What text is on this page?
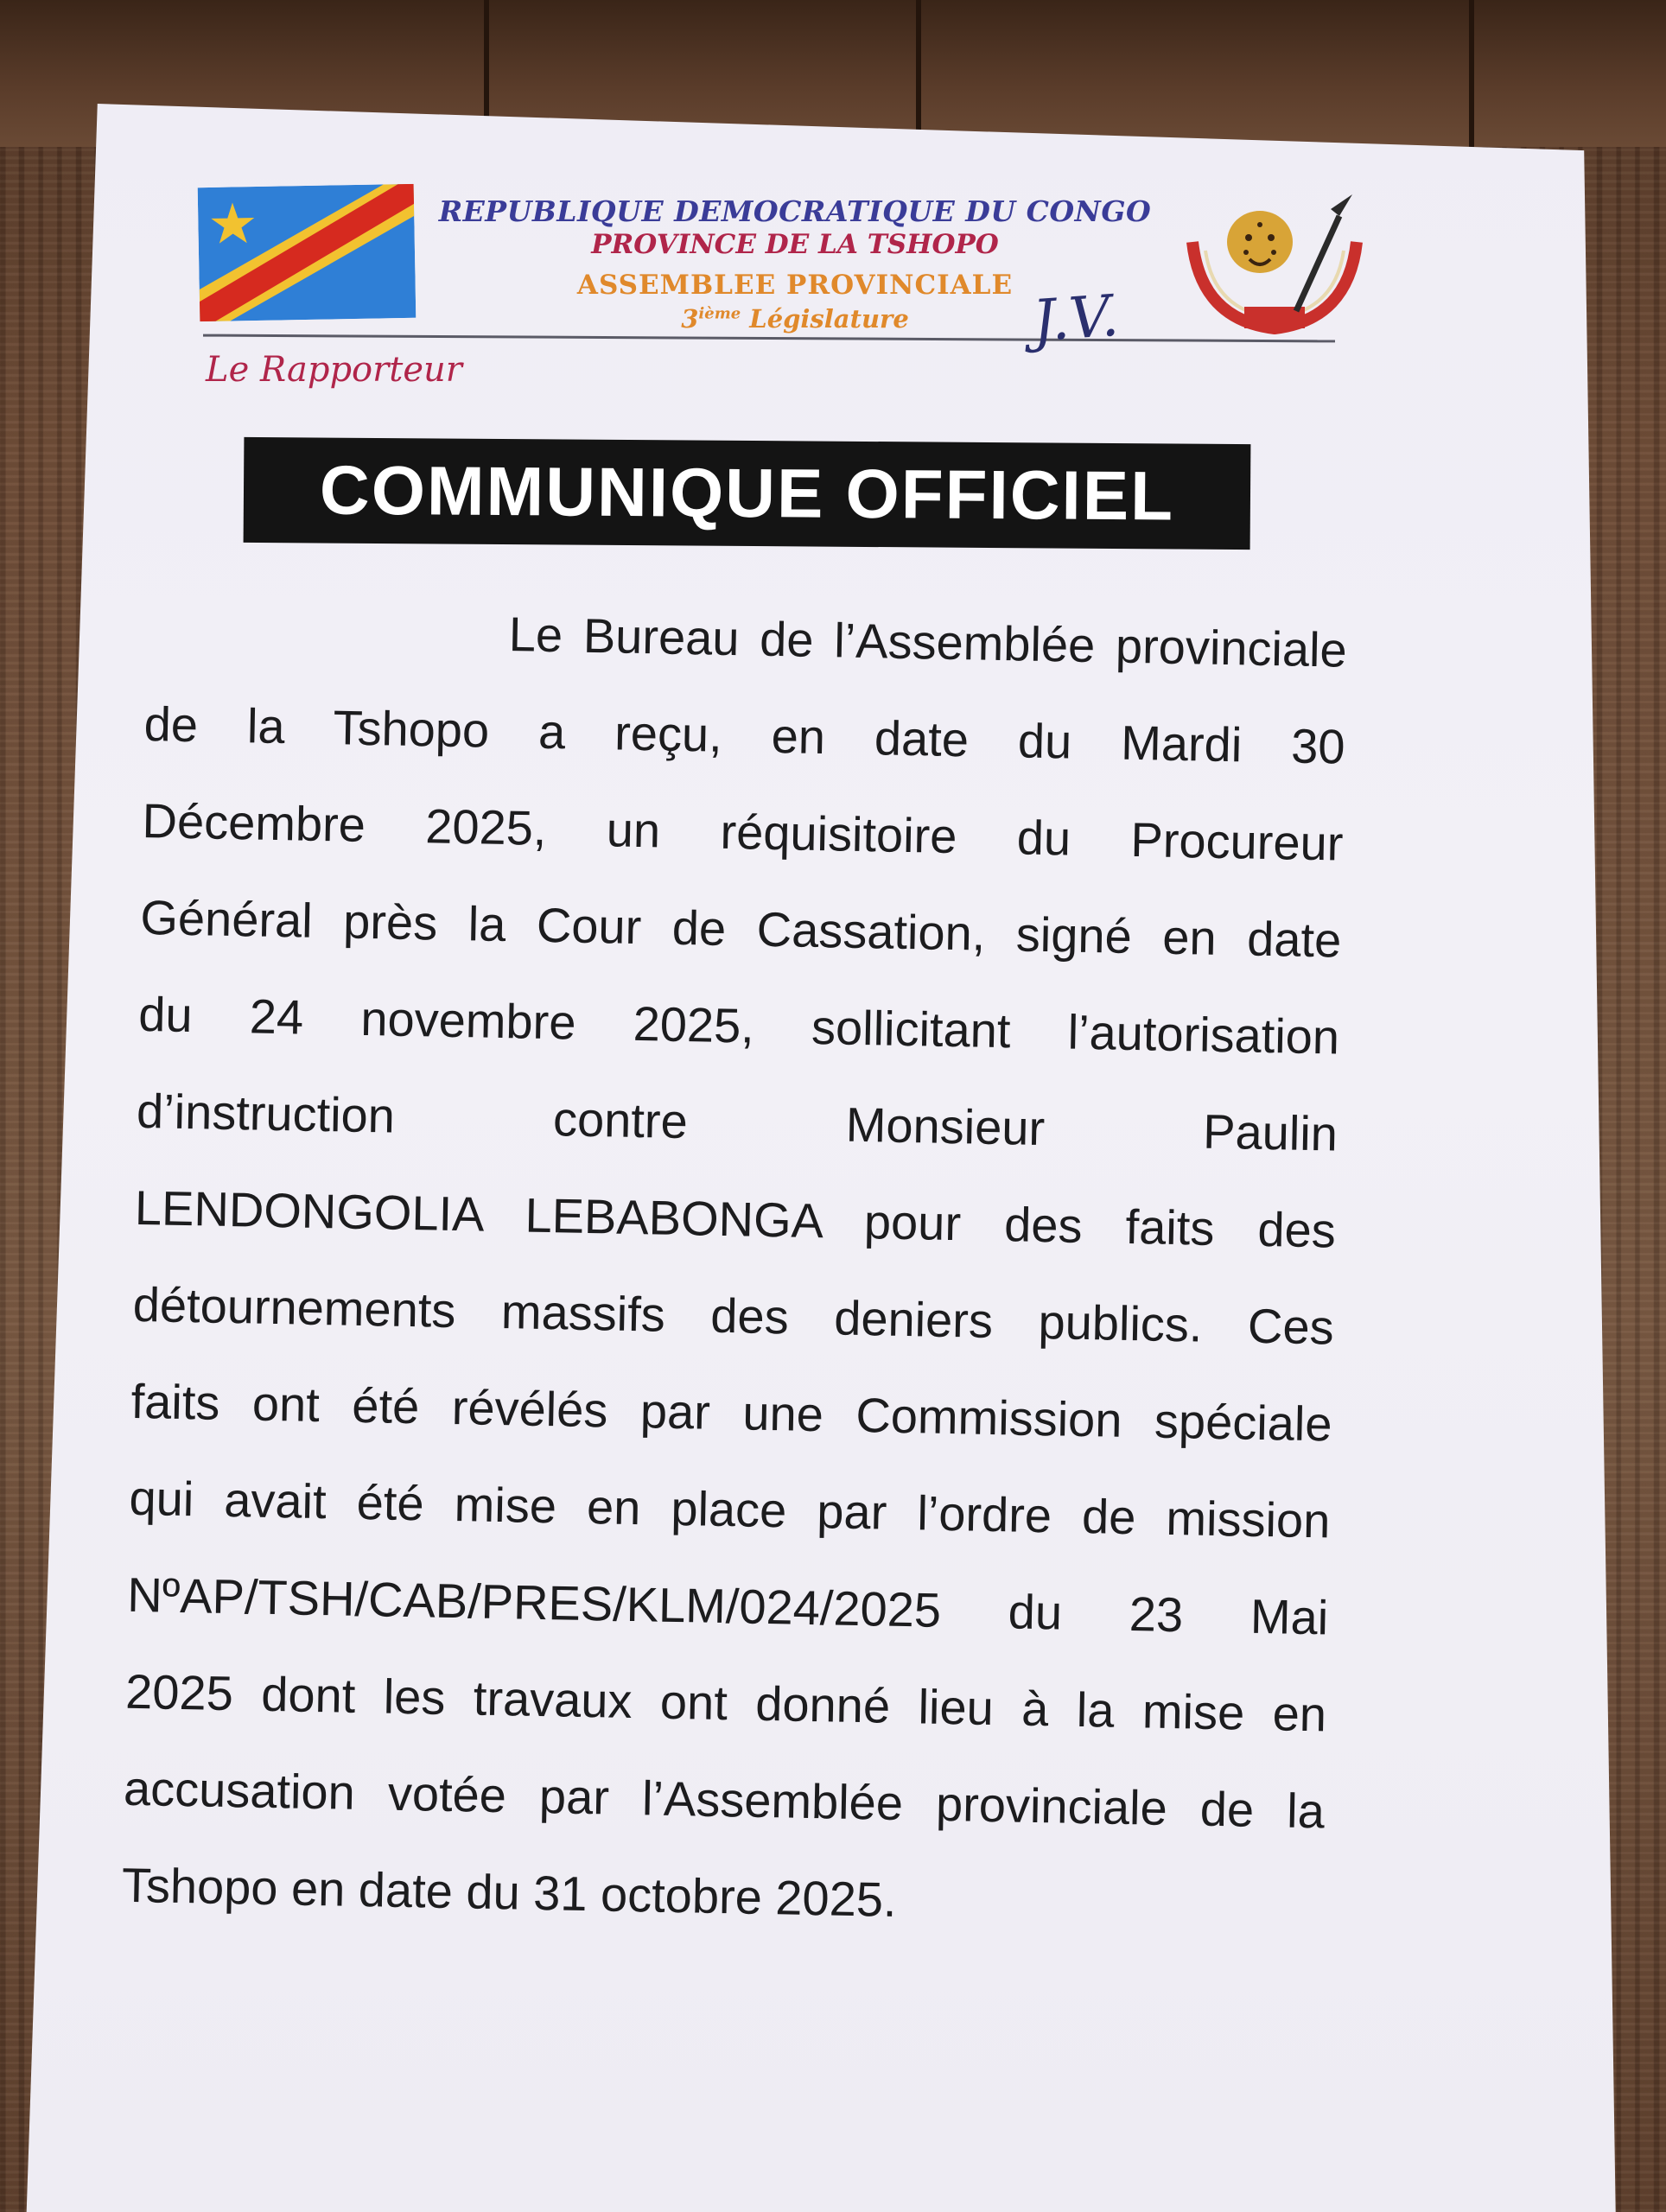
REPUBLIQUE DEMOCRATIQUE DU CONGO
PROVINCE DE LA TSHOPO
ASSEMBLEE PROVINCIALE
3ième Législature	J.V.
Le Rapporteur
COMMUNIQUE OFFICIEL
Le Bureau de l’Assemblée provinciale
de la Tshopo a reçu, en date du Mardi 30
Décembre 2025, un réquisitoire du Procureur
Général près la Cour de Cassation, signé en date
du 24 novembre 2025, sollicitant l’autorisation
d’instruction contre Monsieur Paulin
LENDONGOLIA LEBABONGA pour des faits des
détournements massifs des deniers publics. Ces
faits ont été révélés par une Commission spéciale
qui avait été mise en place par l’ordre de mission
NºAP/TSH/CAB/PRES/KLM/024/2025 du 23 Mai
2025 dont les travaux ont donné lieu à la mise en
accusation votée par l’Assemblée provinciale de la
Tshopo en date du 31 octobre 2025.
